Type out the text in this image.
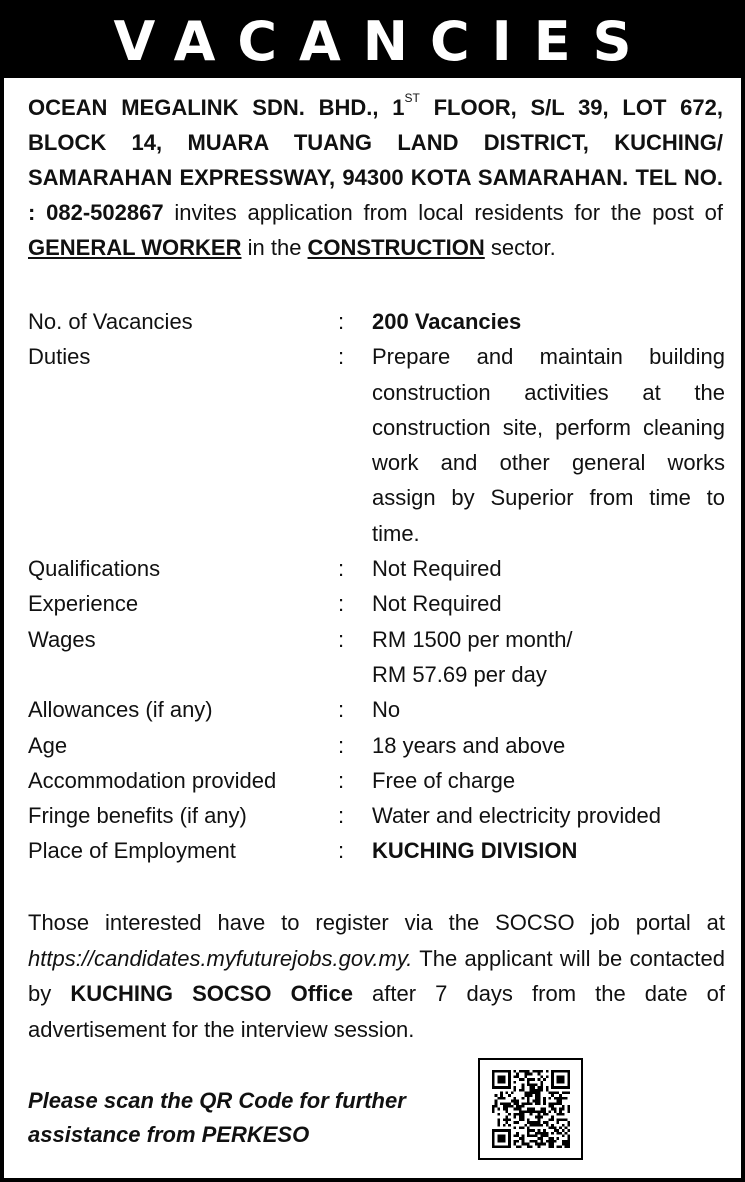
VACANCIES
OCEAN MEGALINK SDN. BHD., 1ST FLOOR, S/L 39, LOT 672, BLOCK 14, MUARA TUANG LAND DISTRICT, KUCHING/ SAMARAHAN EXPRESSWAY, 94300 KOTA SAMARAHAN. TEL NO. : 082-502867 invites application from local residents for the post of GENERAL WORKER in the CONSTRUCTION sector.
No. of Vacancies	:	200 Vacancies
Duties	:	Prepare and maintain building construction activities at the construction site, perform cleaning work and other general works assign by Superior from time to time.
Qualifications	:	Not Required
Experience	:	Not Required
Wages	:	RM 1500 per month/
RM 57.69 per day
Allowances (if any)	:	No
Age	:	18 years and above
Accommodation provided	:	Free of charge
Fringe benefits (if any)	:	Water and electricity provided
Place of Employment	:	KUCHING DIVISION
Those interested have to register via the SOCSO job portal at https://candidates.myfuturejobs.gov.my. The applicant will be contacted by KUCHING SOCSO Office after 7 days from the date of advertisement for the interview session.
Please scan the QR Code for further assistance from PERKESO
